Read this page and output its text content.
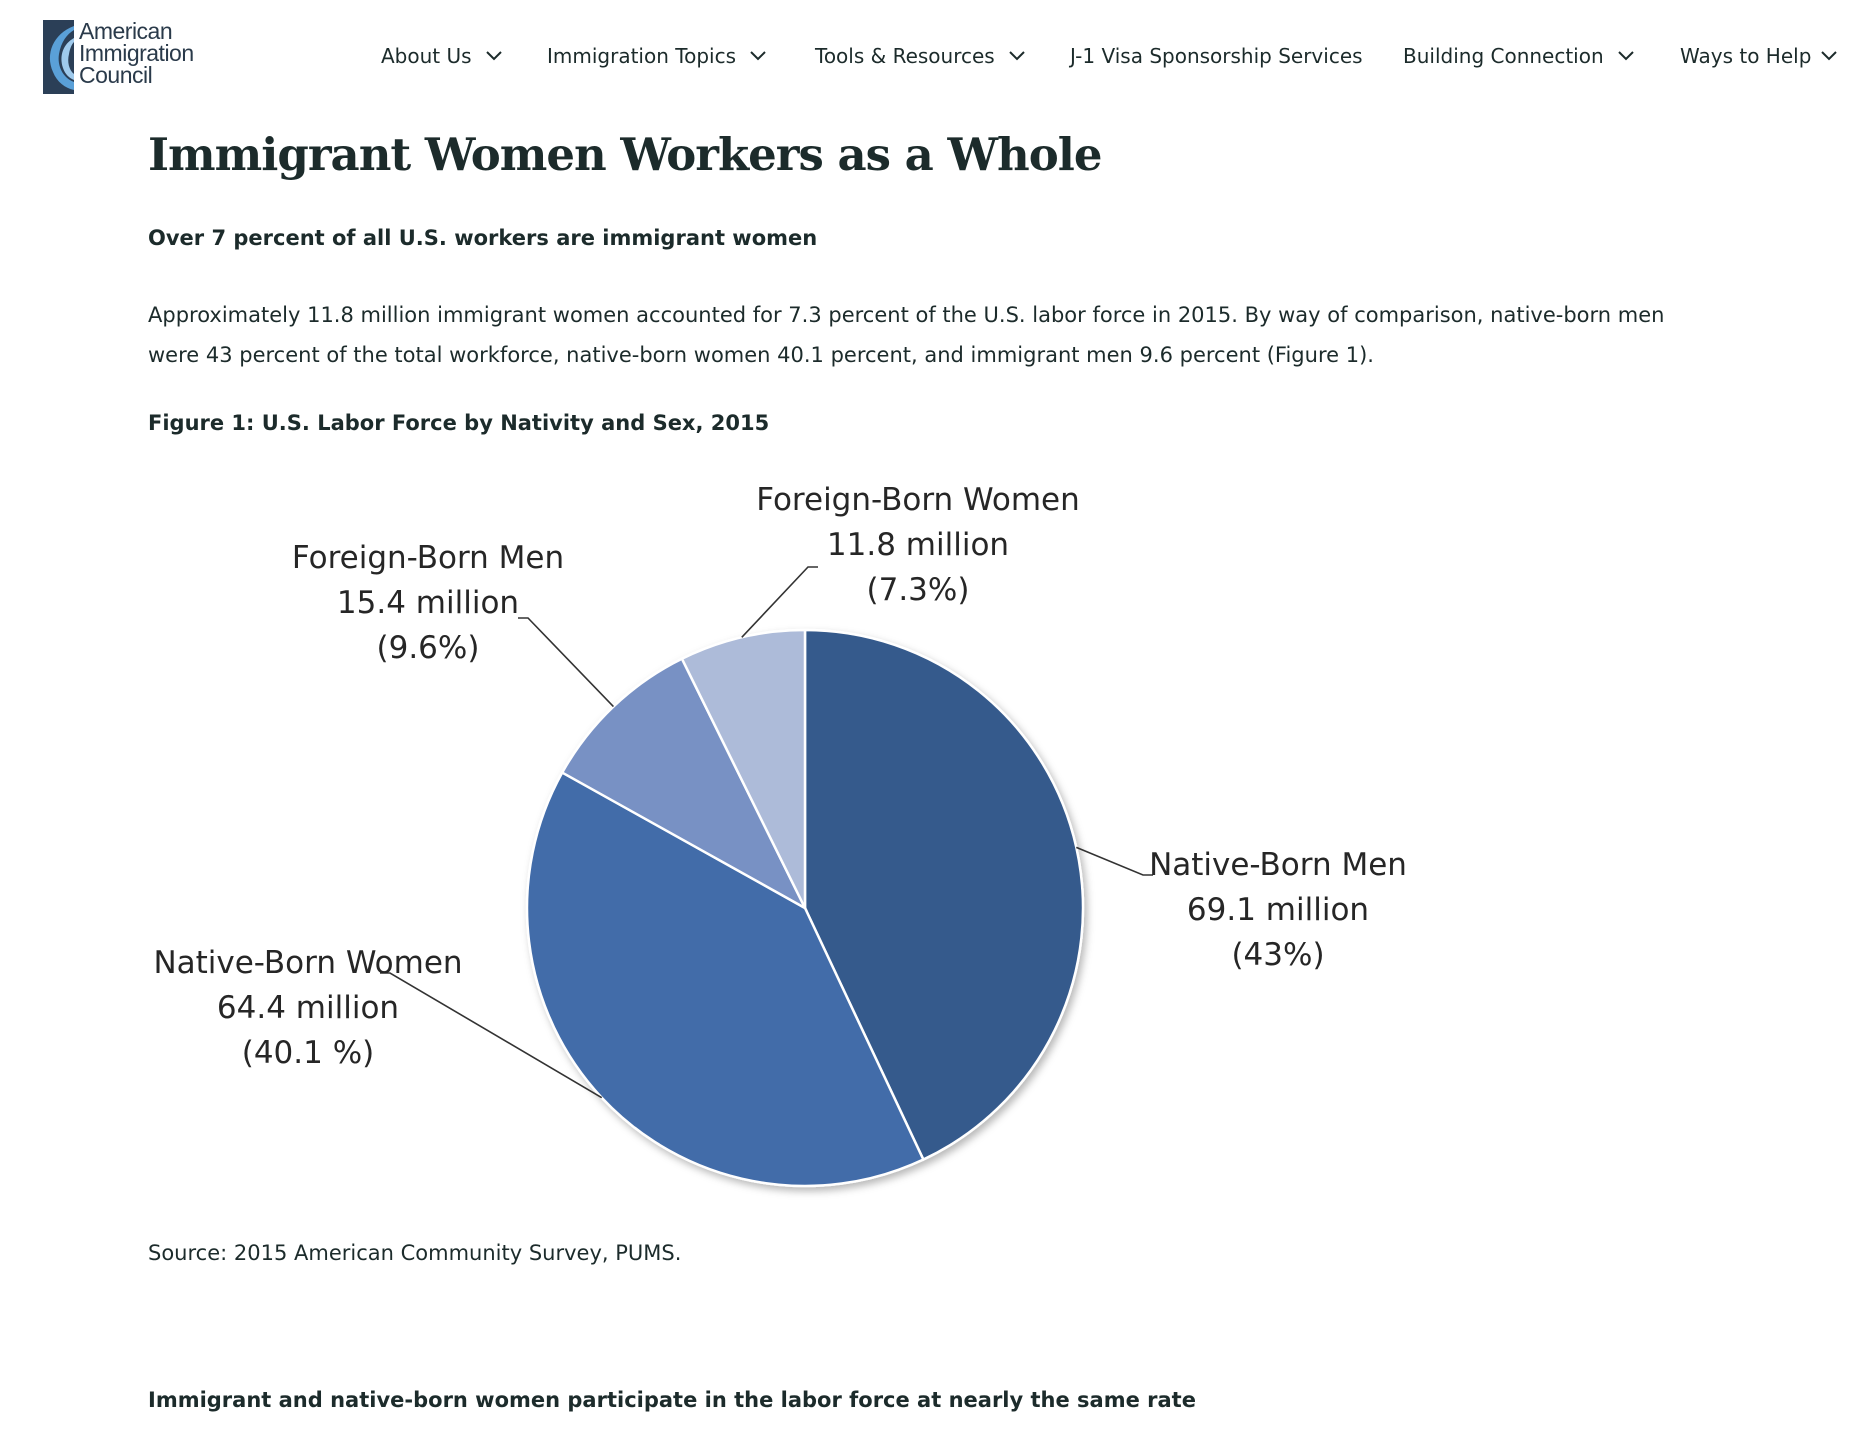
American
Immigration
Council
About Us	Immigration Topics	Tools & Resources	J-1 Visa Sponsorship Services Building Connection	Ways to Help
Immigrant Women Workers as a Whole

Over 7 percent of all U.S. workers are immigrant women

Approximately 11.8 million immigrant women accounted for 7.3 percent of the U.S. labor force in 2015. By way of comparison, native-born men were 43 percent of the total workforce, native-born women 40.1 percent, and immigrant men 9.6 percent (Figure 1).

Figure 1: U.S. Labor Force by Nativity and Sex, 2015

Source: 2015 American Community Survey, PUMS.

Immigrant and native-born women participate in the labor force at nearly the same rate

Native-Born Men
69.1 million
(43%)
Native-Born Women
64.4 million
(40.1 %)
Foreign-Born Men
15.4 million
(9.6%)
Foreign-Born Women
11.8 million
(7.3%)
